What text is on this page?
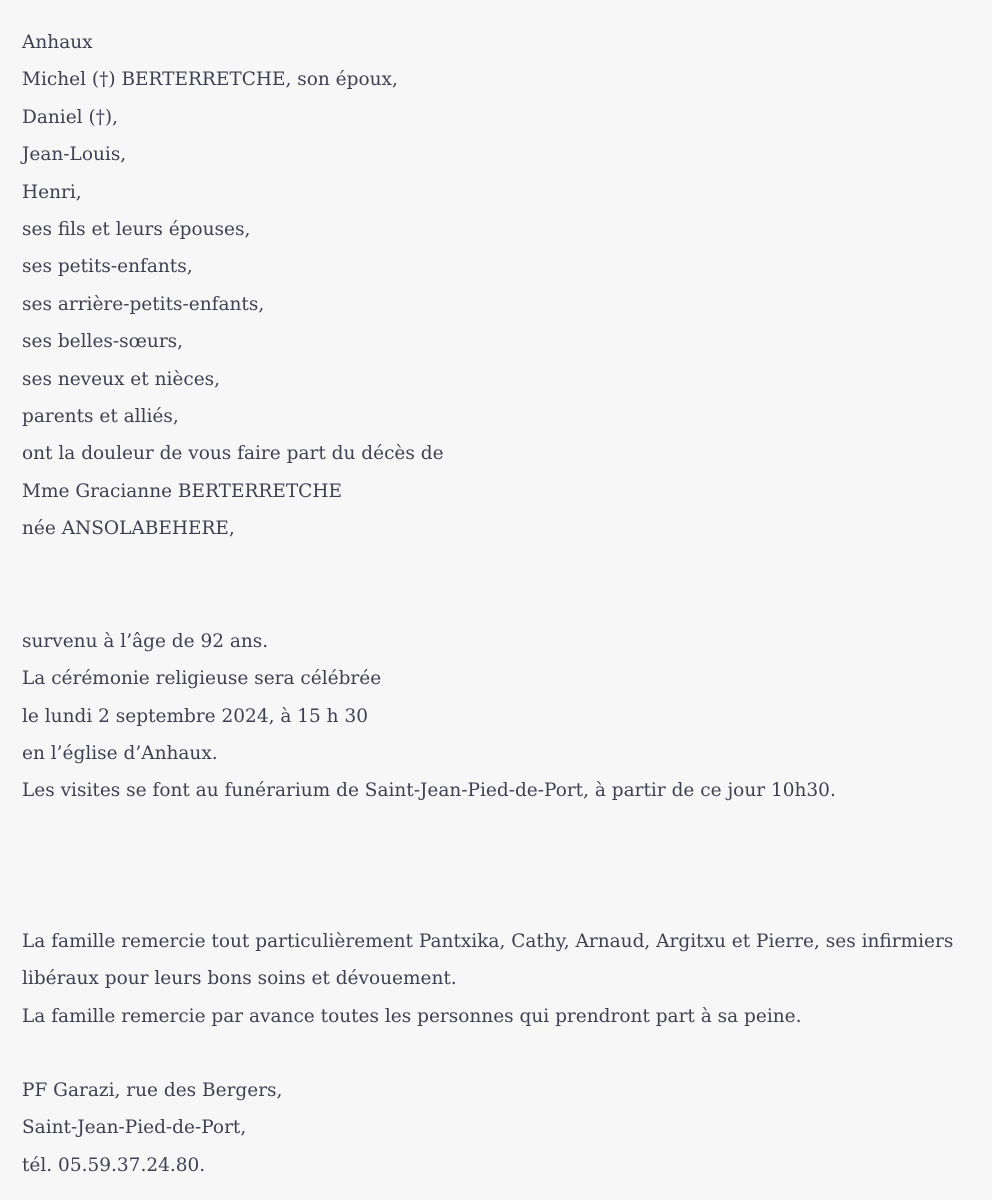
Anhaux
Michel (†) BERTERRETCHE, son époux,
Daniel (†),
Jean-Louis,
Henri,
ses fils et leurs épouses,
ses petits-enfants,
ses arrière-petits-enfants,
ses belles-sœurs,
ses neveux et nièces,
parents et alliés,
ont la douleur de vous faire part du décès de
Mme Gracianne BERTERRETCHE
née ANSOLABEHERE,
survenu à l’âge de 92 ans.
La cérémonie religieuse sera célébrée
le lundi 2 septembre 2024, à 15 h 30
en l’église d’Anhaux.
Les visites se font au funérarium de Saint-Jean-Pied-de-Port, à partir de ce jour 10h30.
La famille remercie tout particulièrement Pantxika, Cathy, Arnaud, Argitxu et Pierre, ses infirmiers libéraux pour leurs bons soins et dévouement.
La famille remercie par avance toutes les personnes qui prendront part à sa peine.
PF Garazi, rue des Bergers,
Saint-Jean-Pied-de-Port,
tél. 05.59.37.24.80.
